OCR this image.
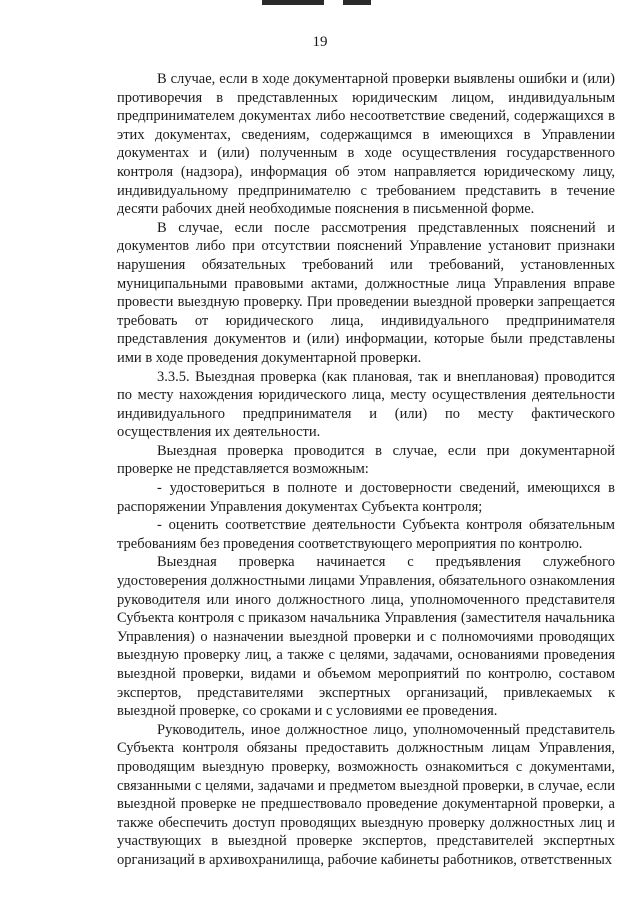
19

В случае, если в ходе документарной проверки выявлены ошибки и (или) противоречия в представленных юридическим лицом, индивидуальным предпринимателем документах либо несоответствие сведений, содержащихся в этих документах, сведениям, содержащимся в имеющихся в Управлении документах и (или) полученным в ходе осуществления государственного контроля (надзора), информация об этом направляется юридическому лицу, индивидуальному предпринимателю с требованием представить в течение десяти рабочих дней необходимые пояснения в письменной форме.

В случае, если после рассмотрения представленных пояснений и документов либо при отсутствии пояснений Управление установит признаки нарушения обязательных требований или требований, установленных муниципальными правовыми актами, должностные лица Управления вправе провести выездную проверку. При проведении выездной проверки запрещается требовать от юридического лица, индивидуального предпринимателя представления документов и (или) информации, которые были представлены ими в ходе проведения документарной проверки.

3.3.5. Выездная проверка (как плановая, так и внеплановая) проводится по месту нахождения юридического лица, месту осуществления деятельности индивидуального предпринимателя и (или) по месту фактического осуществления их деятельности.

Выездная проверка проводится в случае, если при документарной проверке не представляется возможным:

- удостовериться в полноте и достоверности сведений, имеющихся в распоряжении Управления документах Субъекта контроля;

- оценить соответствие деятельности Субъекта контроля обязательным требованиям без проведения соответствующего мероприятия по контролю.

Выездная проверка начинается с предъявления служебного удостоверения должностными лицами Управления, обязательного ознакомления руководителя или иного должностного лица, уполномоченного представителя Субъекта контроля с приказом начальника Управления (заместителя начальника Управления) о назначении выездной проверки и с полномочиями проводящих выездную проверку лиц, а также с целями, задачами, основаниями проведения выездной проверки, видами и объемом мероприятий по контролю, составом экспертов, представителями экспертных организаций, привлекаемых к выездной проверке, со сроками и с условиями ее проведения.

Руководитель, иное должностное лицо, уполномоченный представитель Субъекта контроля обязаны предоставить должностным лицам Управления, проводящим выездную проверку, возможность ознакомиться с документами, связанными с целями, задачами и предметом выездной проверки, в случае, если выездной проверке не предшествовало проведение документарной проверки, а также обеспечить доступ проводящих выездную проверку должностных лиц и участвующих в выездной проверке экспертов, представителей экспертных организаций в архивохранилища, рабочие кабинеты работников, ответственных
